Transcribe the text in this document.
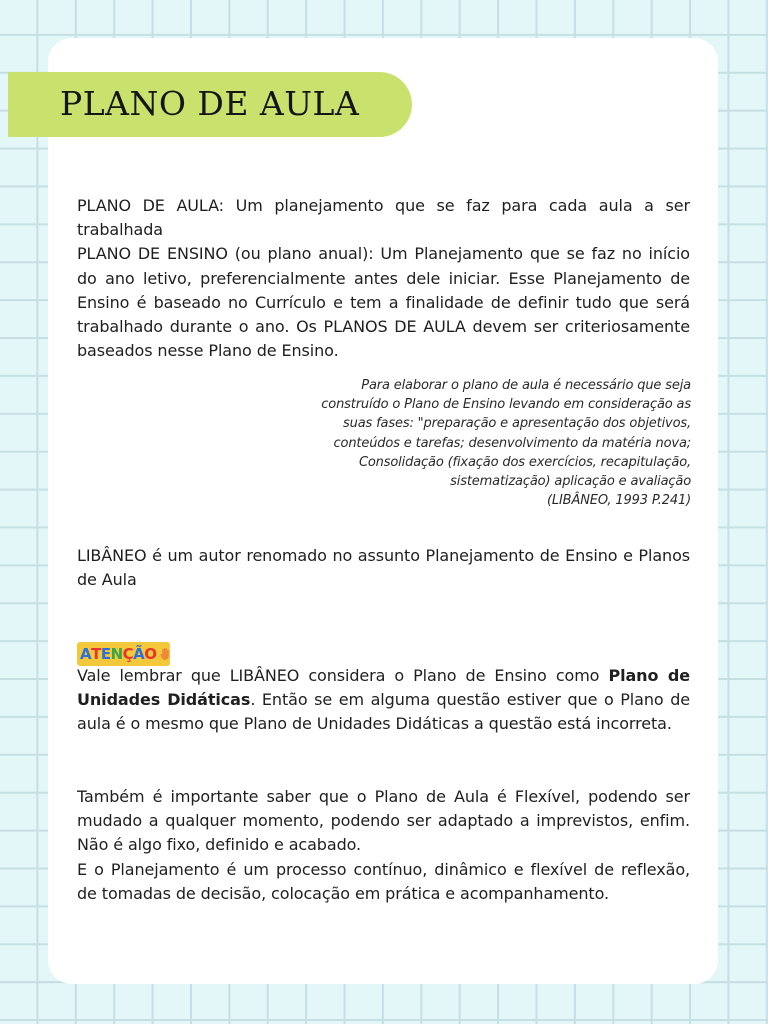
PLANO DE AULA

PLANO DE AULA: Um planejamento que se faz para cada aula a ser trabalhada

PLANO DE ENSINO (ou plano anual): Um Planejamento que se faz no início do ano letivo, preferencialmente antes dele iniciar. Esse Planejamento de Ensino é baseado no Currículo e tem a finalidade de definir tudo que será trabalhado durante o ano. Os PLANOS DE AULA devem ser criteriosamente baseados nesse Plano de Ensino.

Para elaborar o plano de aula é necessário que seja construído o Plano de Ensino levando em consideração as suas fases: "preparação e apresentação dos objetivos, conteúdos e tarefas; desenvolvimento da matéria nova; Consolidação (fixação dos exercícios, recapitulação, sistematização) aplicação e avaliação

(LIBÂNEO, 1993 P.241)

LIBÂNEO é um autor renomado no assunto Planejamento de Ensino e Planos de Aula

A T E N Ç Ã O

Vale lembrar que LIBÂNEO considera o Plano de Ensino como Plano de Unidades Didáticas. Então se em alguma questão estiver que o Plano de aula é o mesmo que Plano de Unidades Didáticas a questão está incorreta.

Também é importante saber que o Plano de Aula é Flexível, podendo ser mudado a qualquer momento, podendo ser adaptado a imprevistos, enfim. Não é algo fixo, definido e acabado.

E o Planejamento é um processo contínuo, dinâmico e flexível de reflexão, de tomadas de decisão, colocação em prática e acompanhamento.
